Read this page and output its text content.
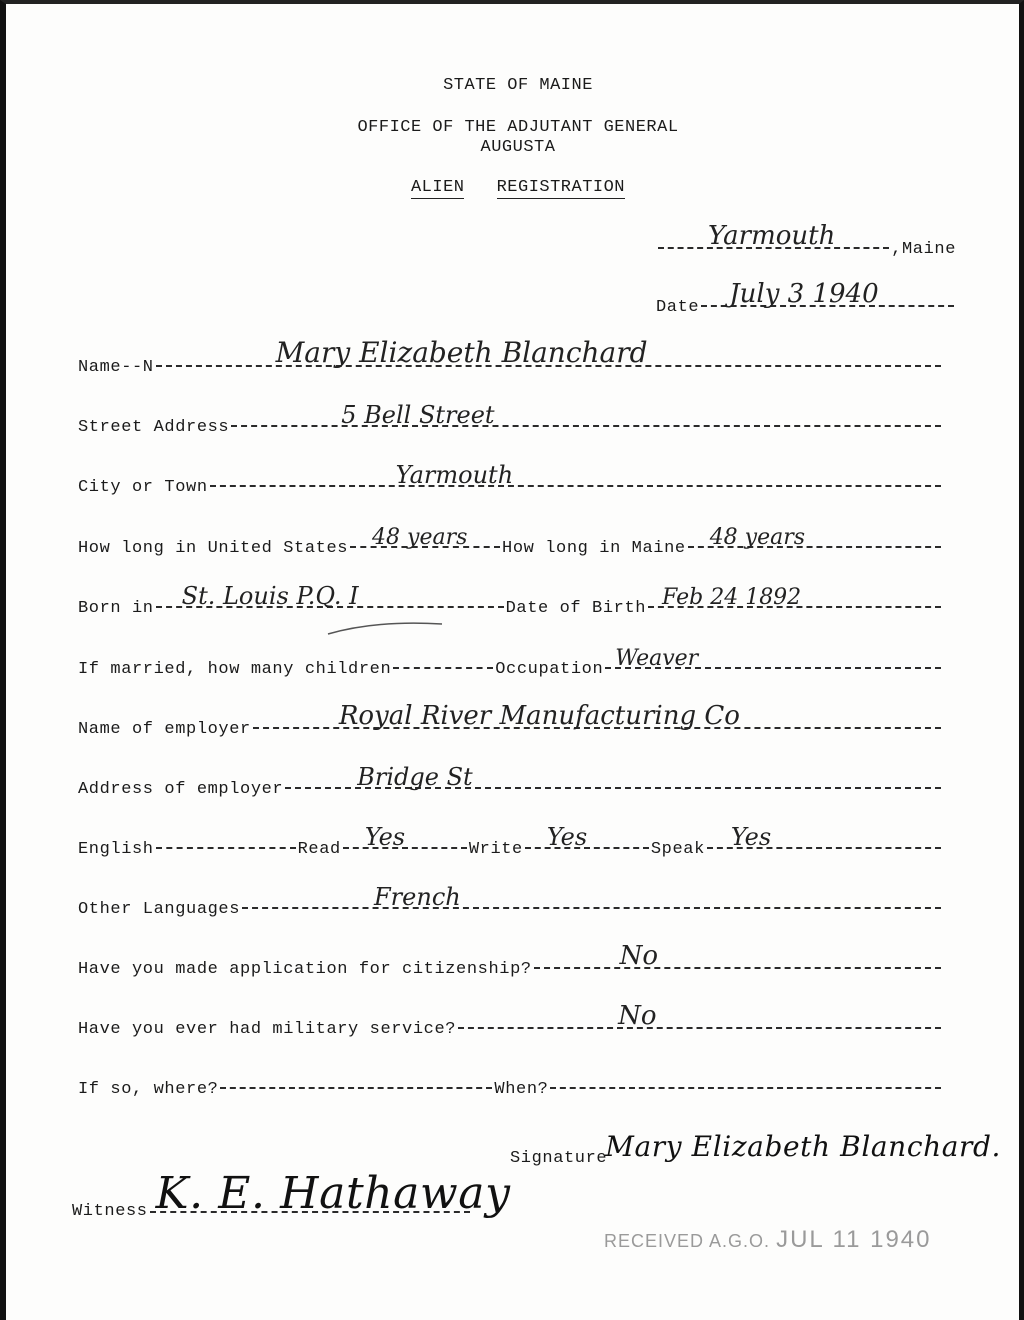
STATE OF MAINE
OFFICE OF THE ADJUTANT GENERAL
AUGUSTA
ALIEN REGISTRATION
Yarmouth	,Maine
Date July 3 1940
Name--N	Mary Elizabeth Blanchard
Street Address	5 Bell Street
City or Town	Yarmouth
How long in United States 48 years How long in Maine 48 years
Born in St. Louis P.Q. I	Date of Birth Feb 24 1892
If married, how many children	Occupation Weaver
Name of employer	Royal River Manufacturing Co
Address of employer	Bridge St
English	Read Yes	Write Yes	Speak Yes
Other Languages	French
Have you made application for citizenship?	No
Have you ever had military service?	No
If so, where?	When?
Signature
Mary Elizabeth Blanchard.
Witness K. E. Hathaway
RECEIVED A.G.O. JUL 11 1940
